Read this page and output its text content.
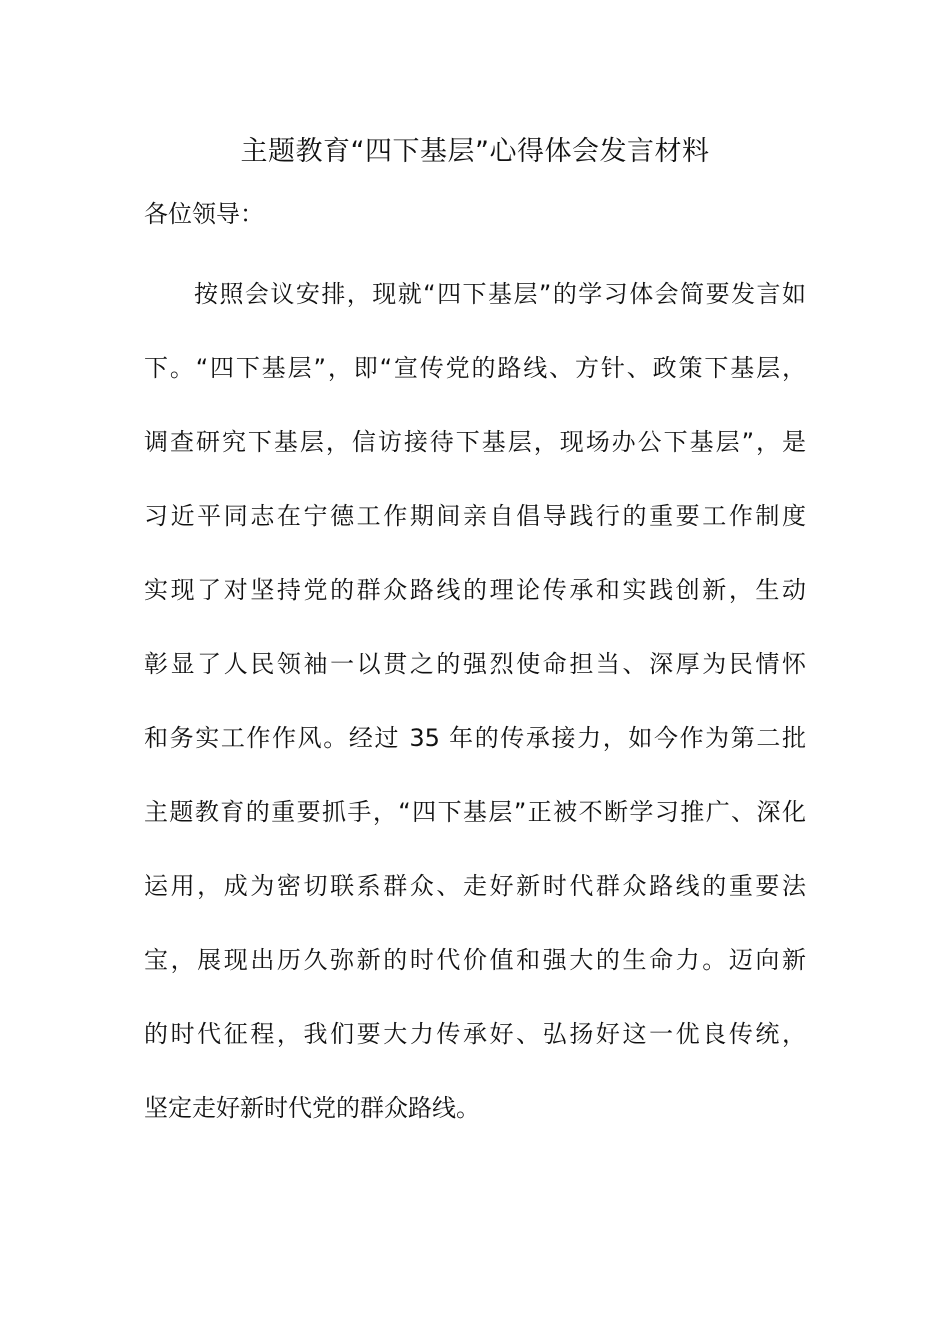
主题教育“四下基层”心得体会发言材料
各位领导：
按照会议安排，现就“四下基层”的学习体会简要发言如
下。“四下基层”，即“宣传党的路线、方针、政策下基层，
调查研究下基层，信访接待下基层，现场办公下基层”，是
习近平同志在宁德工作期间亲自倡导践行的重要工作制度
实现了对坚持党的群众路线的理论传承和实践创新，生动
彰显了人民领袖一以贯之的强烈使命担当、深厚为民情怀
和务实工作作风。经过 35 年的传承接力，如今作为第二批
主题教育的重要抓手，“四下基层”正被不断学习推广、深化
运用，成为密切联系群众、走好新时代群众路线的重要法
宝，展现出历久弥新的时代价值和强大的生命力。迈向新
的时代征程，我们要大力传承好、弘扬好这一优良传统，
坚定走好新时代党的群众路线。
